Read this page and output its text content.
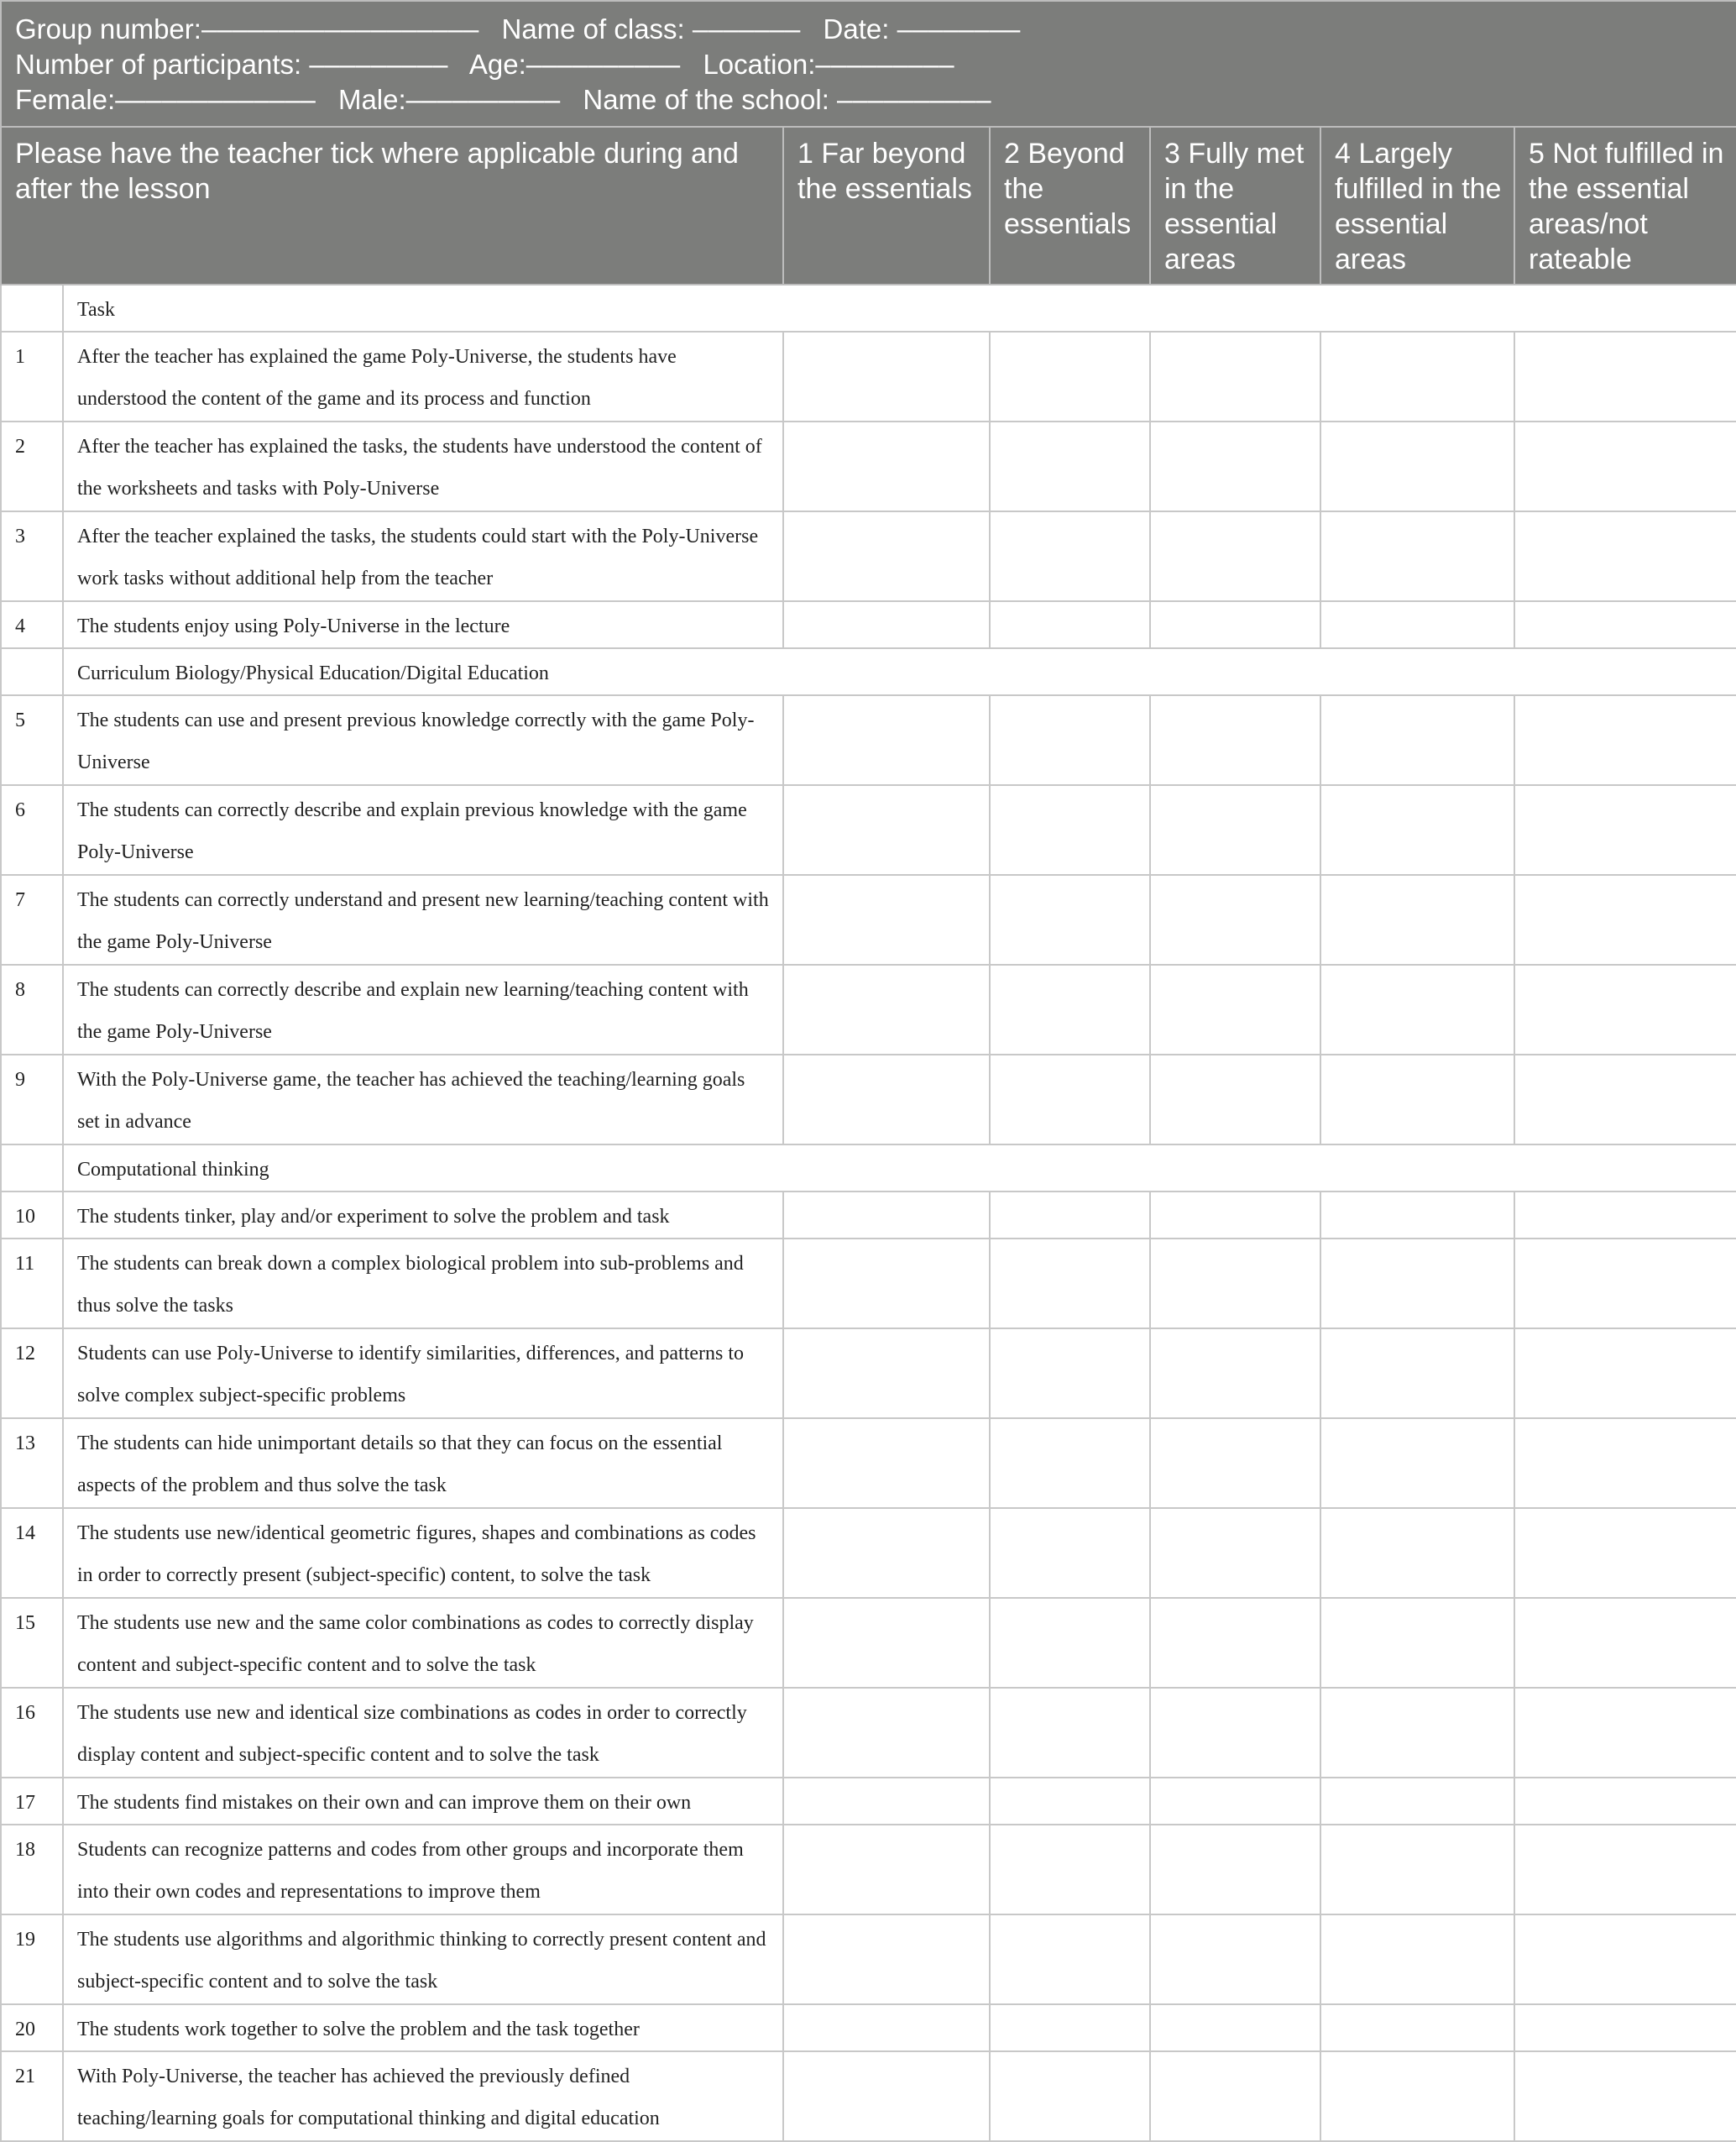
Group number:–––––––––––––––––– Name of class: ––––––– Date: ––––––––
Number of participants: ––––––––– Age:–––––––––– Location:–––––––––
Female:––––––––––––– Male:–––––––––– Name of the school: ––––––––––						

Please have the teacher tick where applicable during and after the lesson		1 Far beyond the essentials	2 Beyond the essentials	3 Fully met in the essential areas	4 Largely fulfilled in the essential areas	5 Not fulfilled in the essential areas/not rateable
	Task					
1	After the teacher has explained the game Poly-Universe, the students have understood the content of the game and its process and function					
2	After the teacher has explained the tasks, the students have understood the content of the worksheets and tasks with Poly-Universe					
3	After the teacher explained the tasks, the students could start with the Poly-Universe work tasks without additional help from the teacher					
4	The students enjoy using Poly-Universe in the lecture					
	Curriculum Biology/Physical Education/Digital Education					
5	The students can use and present previous knowledge correctly with the game Poly-Universe					
6	The students can correctly describe and explain previous knowledge with the game Poly-Universe					
7	The students can correctly understand and present new learning/teaching content with the game Poly-Universe					
8	The students can correctly describe and explain new learning/teaching content with the game Poly-Universe					
9	With the Poly-Universe game, the teacher has achieved the teaching/learning goals set in advance					
	Computational thinking					
10	The students tinker, play and/or experiment to solve the problem and task					
11	The students can break down a complex biological problem into sub-problems and thus solve the tasks					
12	Students can use Poly-Universe to identify similarities, differences, and patterns to solve complex subject-specific problems					
13	The students can hide unimportant details so that they can focus on the essential aspects of the problem and thus solve the task					
14	The students use new/identical geometric figures, shapes and combinations as codes in order to correctly present (subject-specific) content, to solve the task					
15	The students use new and the same color combinations as codes to correctly display content and subject-specific content and to solve the task					
16	The students use new and identical size combinations as codes in order to correctly display content and subject-specific content and to solve the task					
17	The students find mistakes on their own and can improve them on their own					
18	Students can recognize patterns and codes from other groups and incorporate them into their own codes and representations to improve them					
19	The students use algorithms and algorithmic thinking to correctly present content and subject-specific content and to solve the task					
20	The students work together to solve the problem and the task together					
21	With Poly-Universe, the teacher has achieved the previously defined teaching/learning goals for computational thinking and digital education					
